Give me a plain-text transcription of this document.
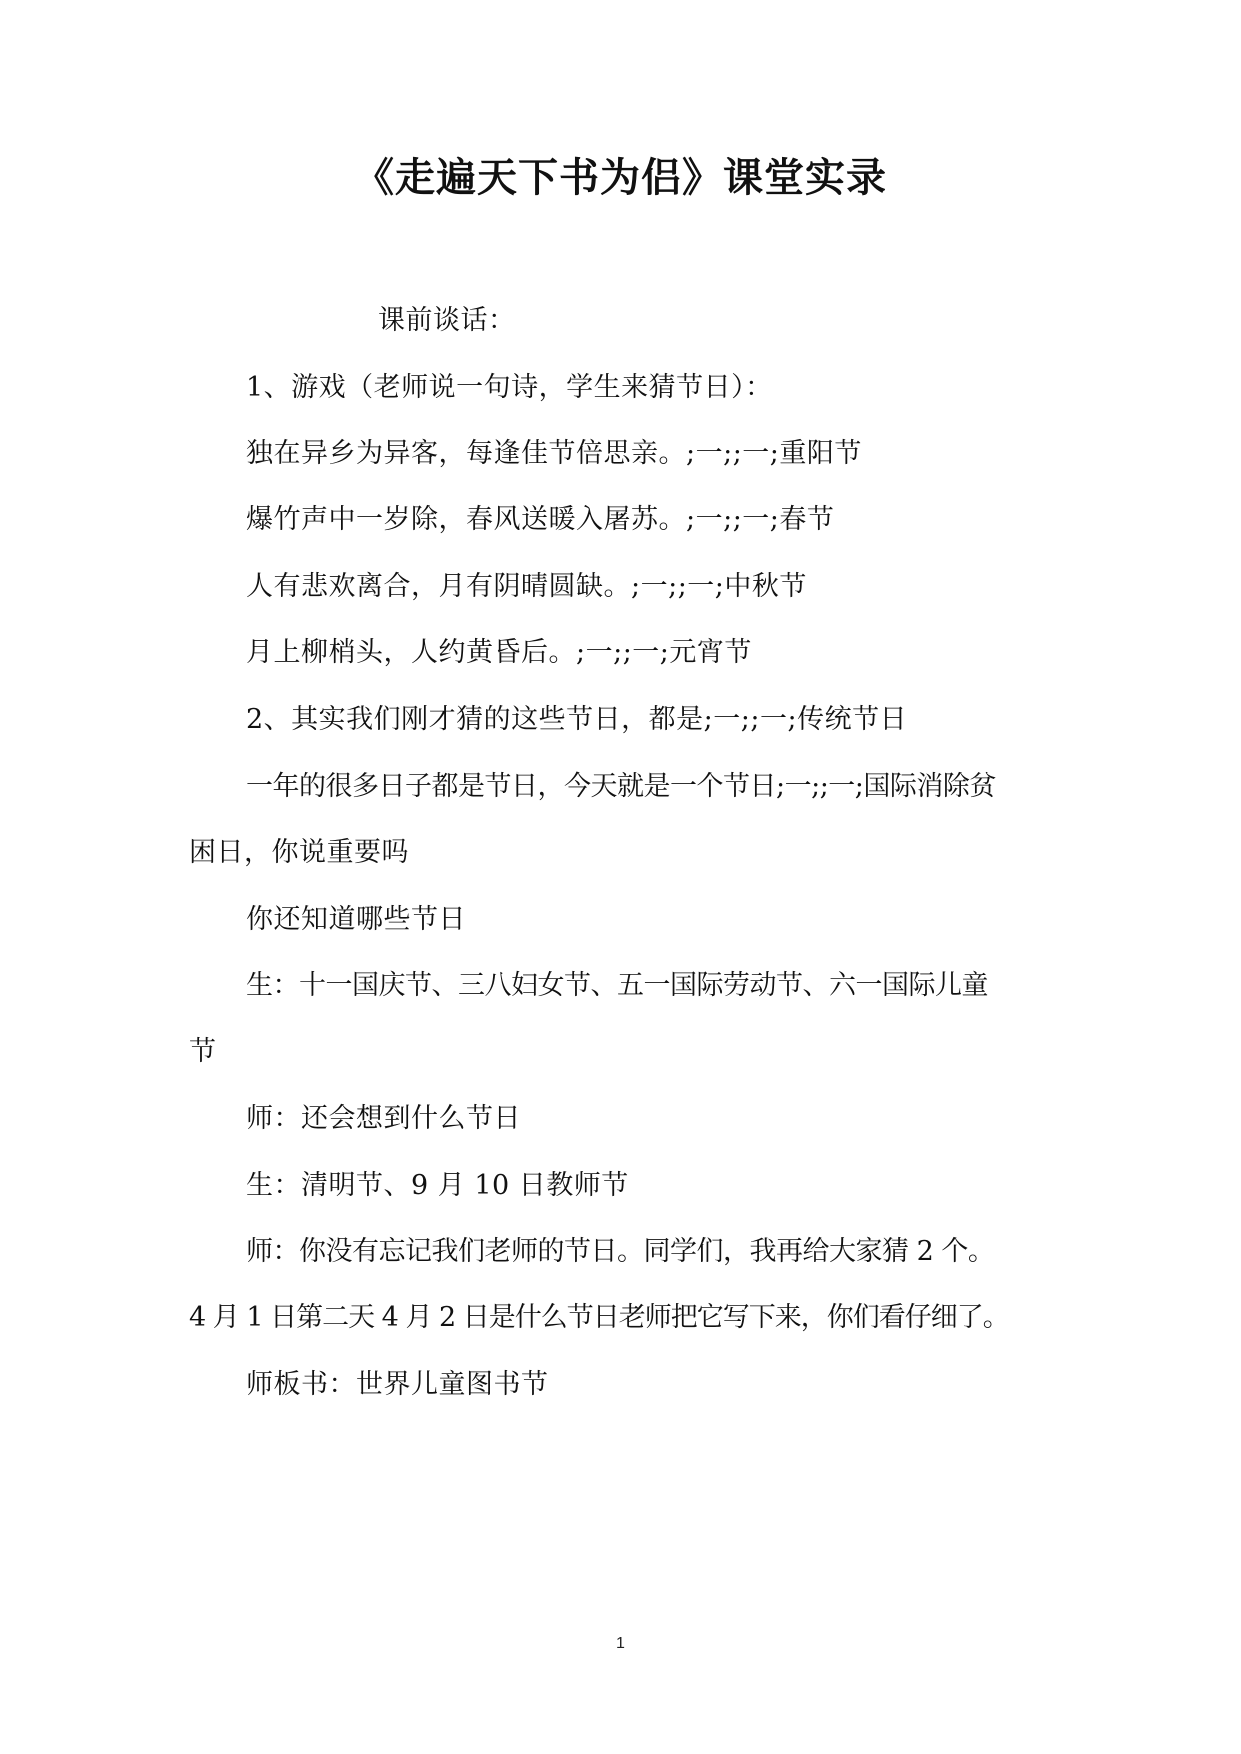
《走遍天下书为侣》课堂实录
课前谈话：
1、游戏（老师说一句诗，学生来猜节日）：
独在异乡为异客，每逢佳节倍思亲。;一;;一;重阳节
爆竹声中一岁除，春风送暖入屠苏。;一;;一;春节
人有悲欢离合，月有阴晴圆缺。;一;;一;中秋节
月上柳梢头，人约黄昏后。;一;;一;元宵节
2、其实我们刚才猜的这些节日，都是;一;;一;传统节日
一年的很多日子都是节日，今天就是一个节日;一;;一;国际消除贫
困日，你说重要吗
你还知道哪些节日
生：十一国庆节、三八妇女节、五一国际劳动节、六一国际儿童
节
师：还会想到什么节日
生：清明节、9 月 10 日教师节
师：你没有忘记我们老师的节日。同学们，我再给大家猜 2 个。
4 月 1 日第二天 4 月 2 日是什么节日老师把它写下来，你们看仔细了。
师板书：世界儿童图书节
1
